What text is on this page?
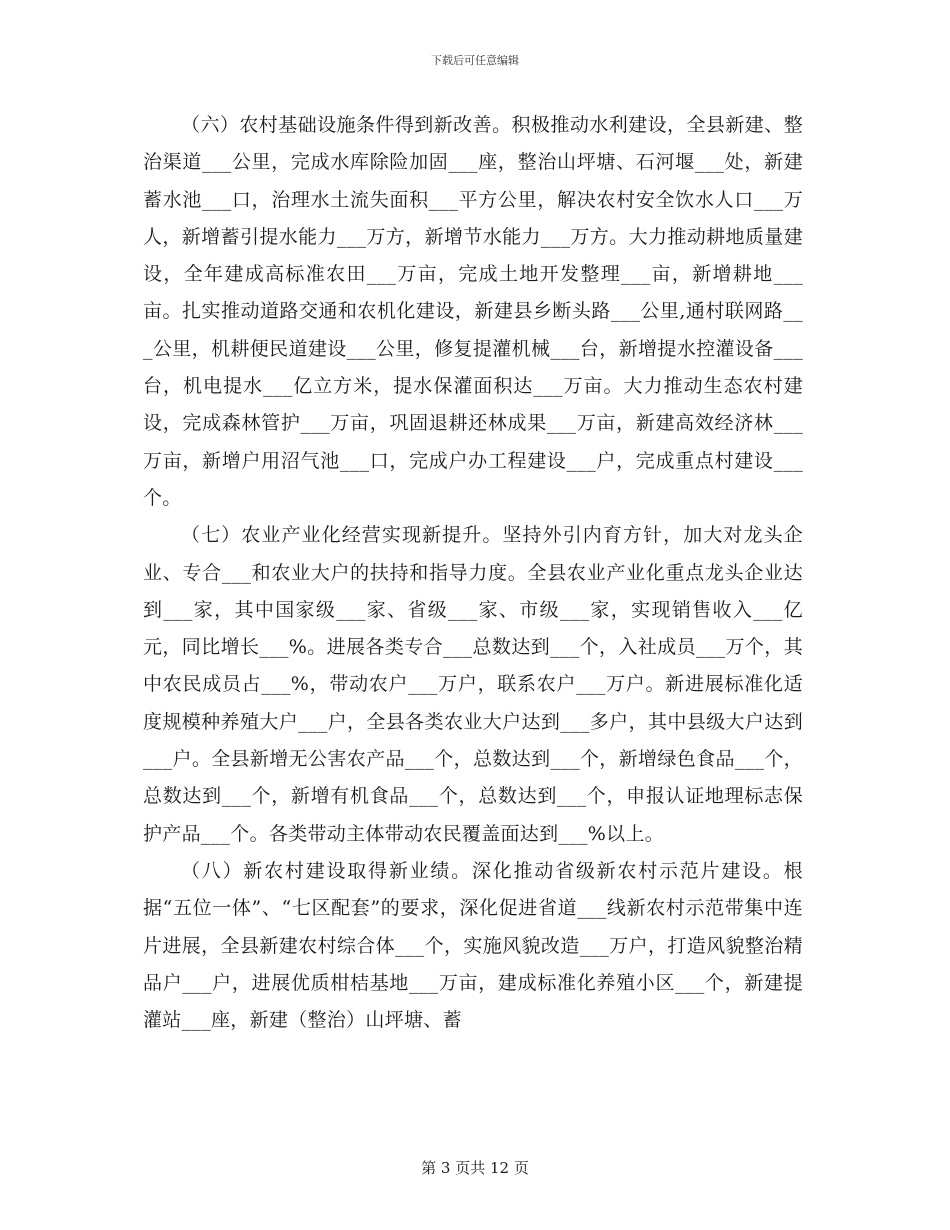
下载后可任意编辑

（六）农村基础设施条件得到新改善。积极推动水利建设，全县新建、整治渠道___公里，完成水库除险加固___座，整治山坪塘、石河堰___处，新建蓄水池___口，治理水土流失面积___平方公里，解决农村安全饮水人口___万人，新增蓄引提水能力___万方，新增节水能力___万方。大力推动耕地质量建设，全年建成高标准农田___万亩，完成土地开发整理___亩，新增耕地___亩。扎实推动道路交通和农机化建设，新建县乡断头路___公里,通村联网路___公里，机耕便民道建设___公里，修复提灌机械___台，新增提水控灌设备___台，机电提水___亿立方米，提水保灌面积达___万亩。大力推动生态农村建设，完成森林管护___万亩，巩固退耕还林成果___万亩，新建高效经济林___万亩，新增户用沼气池___口，完成户办工程建设___户，完成重点村建设___个。

（七）农业产业化经营实现新提升。坚持外引内育方针，加大对龙头企业、专合___和农业大户的扶持和指导力度。全县农业产业化重点龙头企业达到___家，其中国家级___家、省级___家、市级___家，实现销售收入___亿元，同比增长___%。进展各类专合___总数达到___个，入社成员___万个，其中农民成员占___%，带动农户___万户，联系农户___万户。新进展标准化适度规模种养殖大户___户，全县各类农业大户达到___多户，其中县级大户达到___户。全县新增无公害农产品___个，总数达到___个，新增绿色食品___个，总数达到___个，新增有机食品___个，总数达到___个，申报认证地理标志保护产品___个。各类带动主体带动农民覆盖面达到___%以上。

（八）新农村建设取得新业绩。深化推动省级新农村示范片建设。根据“五位一体”、“七区配套”的要求，深化促进省道___线新农村示范带集中连片进展，全县新建农村综合体___个，实施风貌改造___万户，打造风貌整治精品户___户，进展优质柑桔基地___万亩，建成标准化养殖小区___个，新建提灌站___座，新建（整治）山坪塘、蓄

第 3 页共 12 页
